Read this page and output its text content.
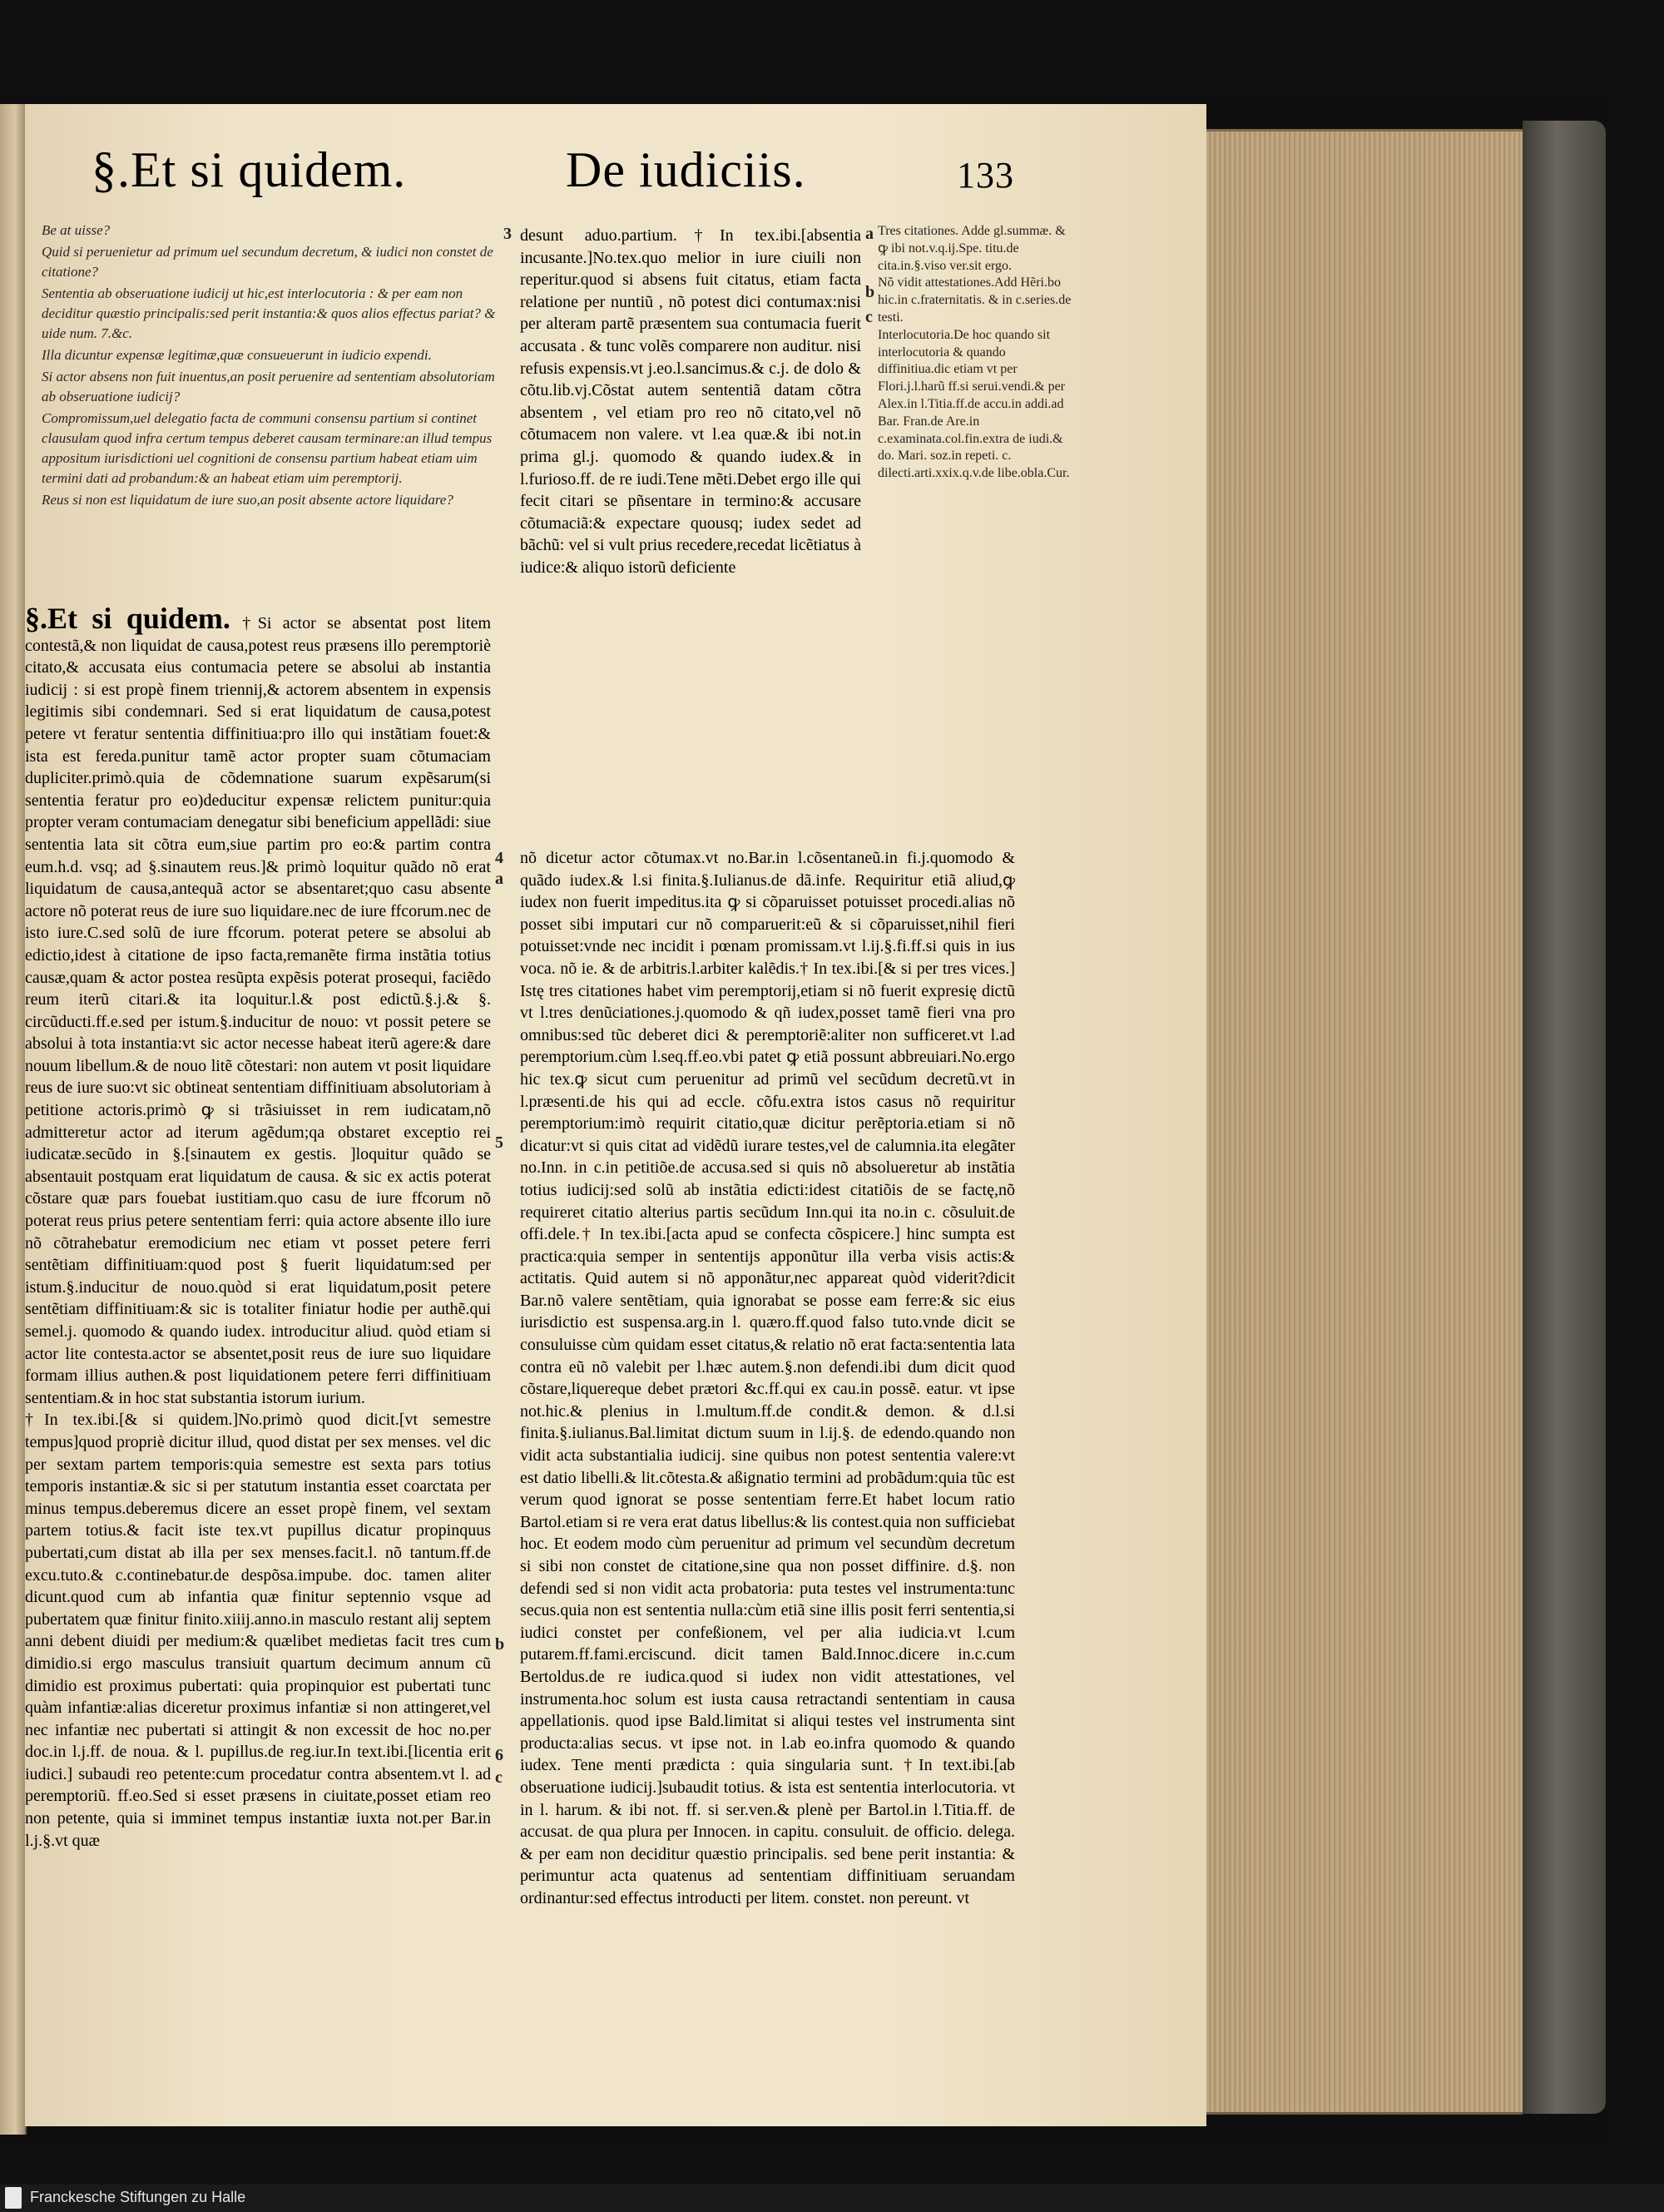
§.Et si quidem.	De iudiciis.	133

Be at uisse?

Quid si peruenietur ad primum uel secundum decretum, & iudici non constet de citatione?

Sententia ab obseruatione iudicij ut hic,est interlocutoria : & per eam non deciditur quæstio principalis:sed perit instantia:& quos alios effectus pariat? & uide num. 7.&c.

Illa dicuntur expensæ legitimæ,quæ consueuerunt in iudicio expendi.

Si actor absens non fuit inuentus,an posit peruenire ad sententiam absolutoriam ab obseruatione iudicij?

Compromissum,uel delegatio facta de communi consensu partium si continet clausulam quod infra certum tempus deberet causam terminare:an illud tempus appositum iurisdictioni uel cognitioni de consensu partium habeat etiam uim termini dati ad probandum:& an habeat etiam uim peremptorij.

Reus si non est liquidatum de iure suo,an posit absente actore liquidare?

§.Et si quidem. †Si actor se absentat post litem contestã,& non liquidat de causa,potest reus præsens illo peremptoriè citato,& accusata eius contumacia petere se absolui ab instantia iudicij : si est propè finem triennij,& actorem absentem in expensis legitimis sibi condemnari. Sed si erat liquidatum de causa,potest petere vt feratur sententia diffinitiua:pro illo qui instãtiam fouet:& ista est fereda.punitur tamẽ actor propter suam cõtumaciam dupliciter.primò.quia de cõdemnatione suarum expẽsarum(si sententia feratur pro eo)deducitur expensæ relictem punitur:quia propter veram contumaciam denegatur sibi beneficium appellãdi: siue sententia lata sit cõtra eum,siue partim pro eo:& partim contra eum.h.d. vsq; ad §.sinautem reus.]& primò loquitur quãdo nõ erat liquidatum de causa,antequã actor se absentaret;quo casu absente actore nõ poterat reus de iure suo liquidare.nec de iure ffcorum.nec de isto iure.C.sed solũ de iure ffcorum. poterat petere se absolui ab edictio,idest à citatione de ipso facta,remanẽte firma instãtia totius causæ,quam & actor postea resũpta expẽsis poterat prosequi, faciẽdo reum iterũ citari.& ita loquitur.l.& post edictũ.§.j.& §. circũducti.ff.e.sed per istum.§.inducitur de nouo: vt possit petere se absolui à tota instantia:vt sic actor necesse habeat iterũ agere:& dare nouum libellum.& de nouo litẽ cõtestari: non autem vt posit liquidare reus de iure suo:vt sic obtineat sententiam diffinitiuam absolutoriam à petitione actoris.primò ꝙ si trãsiuisset in rem iudicatam,nõ admitteretur actor ad iterum agẽdum;qa obstaret exceptio rei iudicatæ.secũdo in §.[sinautem ex gestis. ]loquitur quãdo se absentauit postquam erat liquidatum de causa. & sic ex actis poterat cõstare quæ pars fouebat iustitiam.quo casu de iure ffcorum nõ poterat reus prius petere sententiam ferri: quia actore absente illo iure nõ cõtrahebatur eremodicium nec etiam vt posset petere ferri sentẽtiam diffinitiuam:quod post § fuerit liquidatum:sed per istum.§.inducitur de nouo.quòd si erat liquidatum,posit petere sentẽtiam diffinitiuam:& sic is totaliter finiatur hodie per authẽ.qui semel.j. quomodo & quando iudex. introducitur aliud. quòd etiam si actor lite contesta.actor se absentet,posit reus de iure suo liquidare formam illius authen.& post liquidationem petere ferri diffinitiuam sententiam.& in hoc stat substantia istorum iurium.

†In tex.ibi.[& si quidem.]No.primò quod dicit.[vt semestre tempus]quod propriè dicitur illud, quod distat per sex menses. vel dic per sextam partem temporis:quia semestre est sexta pars totius temporis instantiæ.& sic si per statutum instantia esset coarctata per minus tempus.deberemus dicere an esset propè finem, vel sextam partem totius.& facit iste tex.vt pupillus dicatur propinquus pubertati,cum distat ab illa per sex menses.facit.l. nõ tantum.ff.de excu.tuto.& c.continebatur.de despõsa.impube. doc. tamen aliter dicunt.quod cum ab infantia quæ finitur septennio vsque ad pubertatem quæ finitur finito.xiiij.anno.in masculo restant alij septem anni debent diuidi per medium:& quælibet medietas facit tres cum dimidio.si ergo masculus transiuit quartum decimum annum cũ dimidio est proximus pubertati: quia propinquior est pubertati tunc quàm infantiæ:alias diceretur proximus infantiæ si non attingeret,vel nec infantiæ nec pubertati si attingit & non excessit de hoc no.per doc.in l.j.ff. de noua. & l. pupillus.de reg.iur.In text.ibi.[licentia erit iudici.] subaudi reo petente:cum procedatur contra absentem.vt l. ad peremptoriũ. ff.eo.Sed si esset præsens in ciuitate,posset etiam reo non petente, quia si imminet tempus instantiæ iuxta not.per Bar.in l.j.§.vt quæ

desunt aduo.partium.†In tex.ibi.[absentia incusante.]No.tex.quo melior in iure ciuili non reperitur.quod si absens fuit citatus, etiam facta relatione per nuntiũ , nõ potest dici contumax:nisi per alteram partẽ præsentem sua contumacia fuerit accusata . & tunc volẽs comparere non auditur. nisi refusis expensis.vt j.eo.l.sancimus.& c.j. de dolo & cõtu.lib.vj.Cõstat autem sententiã datam cõtra absentem , vel etiam pro reo nõ citato,vel nõ cõtumacem non valere. vt l.ea quæ.& ibi not.in prima gl.j. quomodo & quando iudex.& in l.furioso.ff. de re iudi.Tene mẽti.Debet ergo ille qui fecit citari se pñsentare in termino:& accusare cõtumaciã:& expectare quousq; iudex sedet ad bãchũ: vel si vult prius recedere,recedat licẽtiatus à iudice:& aliquo istorũ deficiente

Tres citationes. Adde gl.summæ. & ꝙ ibi not.v.q.ij.Spe. titu.de cita.in.§.viso ver.sit ergo.

Nõ vidit attestationes.Add Hẽri.bo hic.in c.fraternitatis. & in c.series.de testi.

Interlocutoria.De hoc quando sit interlocutoria & quando diffinitiua.dic etiam vt per Flori.j.l.harũ ff.si serui.vendi.& per Alex.in l.Titia.ff.de accu.in addi.ad Bar. Fran.de Are.in c.examinata.col.fin.extra de iudi.& do. Mari. soz.in repeti. c. dilecti.arti.xxix.q.v.de libe.obla.Cur.

nõ dicetur actor cõtumax.vt no.Bar.in l.cõsentaneũ.in fi.j.quomodo & quãdo iudex.& l.si finita.§.Iulianus.de dã.infe. Requiritur etiã aliud,ꝙ iudex non fuerit impeditus.ita ꝙ si cõparuisset potuisset procedi.alias nõ posset sibi imputari cur nõ comparuerit:eũ & si cõparuisset,nihil fieri potuisset:vnde nec incidit i pœnam promissam.vt l.ij.§.fi.ff.si quis in ius voca. nõ ie. & de arbitris.l.arbiter kalẽdis.† In tex.ibi.[& si per tres vices.] Istę tres citationes habet vim peremptorij,etiam si nõ fuerit expresię dictũ vt l.tres denũciationes.j.quomodo & qñ iudex,posset tamẽ fieri vna pro omnibus:sed tũc deberet dici & peremptoriẽ:aliter non sufficeret.vt l.ad peremptorium.cùm l.seq.ff.eo.vbi patet ꝙ etiã possunt abbreuiari.No.ergo hic tex.ꝙ sicut cum peruenitur ad primũ vel secũdum decretũ.vt in l.præsenti.de his qui ad eccle. cõfu.extra istos casus nõ requiritur peremptorium:imò requirit citatio,quæ dicitur perẽptoria.etiam si nõ dicatur:vt si quis citat ad vidẽdũ iurare testes,vel de calumnia.ita elegãter no.Inn. in c.in petitiõe.de accusa.sed si quis nõ absolueretur ab instãtia totius iudicij:sed solũ ab instãtia edicti:idest citatiõis de se factę,nõ requireret citatio alterius partis secũdum Inn.qui ita no.in c. cõsuluit.de offi.dele.† In tex.ibi.[acta apud se confecta cõspicere.] hinc sumpta est practica:quia semper in sententijs apponũtur illa verba visis actis:& actitatis. Quid autem si nõ apponãtur,nec appareat quòd viderit?dicit Bar.nõ valere sentẽtiam, quia ignorabat se posse eam ferre:& sic eius iurisdictio est suspensa.arg.in l. quæro.ff.quod falso tuto.vnde dicit se consuluisse cùm quidam esset citatus,& relatio nõ erat facta:sententia lata contra eũ nõ valebit per l.hæc autem.§.non defendi.ibi dum dicit quod cõstare,liquereque debet prætori &c.ff.qui ex cau.in possẽ. eatur. vt ipse not.hic.& plenius in l.multum.ff.de condit.& demon. & d.l.si finita.§.iulianus.Bal.limitat dictum suum in l.ij.§. de edendo.quando non vidit acta substantialia iudicij. sine quibus non potest sententia valere:vt est datio libelli.& lit.cõtesta.& aßignatio termini ad probãdum:quia tũc est verum quod ignorat se posse sententiam ferre.Et habet locum ratio Bartol.etiam si re vera erat datus libellus:& lis contest.quia non sufficiebat hoc. Et eodem modo cùm peruenitur ad primum vel secundùm decretum si sibi non constet de citatione,sine qua non posset diffinire. d.§. non defendi sed si non vidit acta probatoria: puta testes vel instrumenta:tunc secus.quia non est sententia nulla:cùm etiã sine illis posit ferri sententia,si iudici constet per confeßionem, vel per alia iudicia.vt l.cum putarem.ff.fami.erciscund. dicit tamen Bald.Innoc.dicere in.c.cum Bertoldus.de re iudica.quod si iudex non vidit attestationes, vel instrumenta.hoc solum est iusta causa retractandi sententiam in causa appellationis. quod ipse Bald.limitat si aliqui testes vel instrumenta sint producta:alias secus. vt ipse not. in l.ab eo.infra quomodo & quando iudex. Tene menti prædicta : quia singularia sunt. †In text.ibi.[ab obseruatione iudicij.]subaudit totius. & ista est sententia interlocutoria. vt in l. harum. & ibi not. ff. si ser.ven.& plenè per Bartol.in l.Titia.ff. de accusat. de qua plura per Innocen. in capitu. consuluit. de officio. delega. & per eam non deciditur quæstio principalis. sed bene perit instantia: & perimuntur acta quatenus ad sententiam diffinitiuam seruandam ordinantur:sed effectus introducti per litem. constet. non pereunt. vt

3	a
b
c
4
a
5
b
6
c
Franckesche Stiftungen zu Halle
